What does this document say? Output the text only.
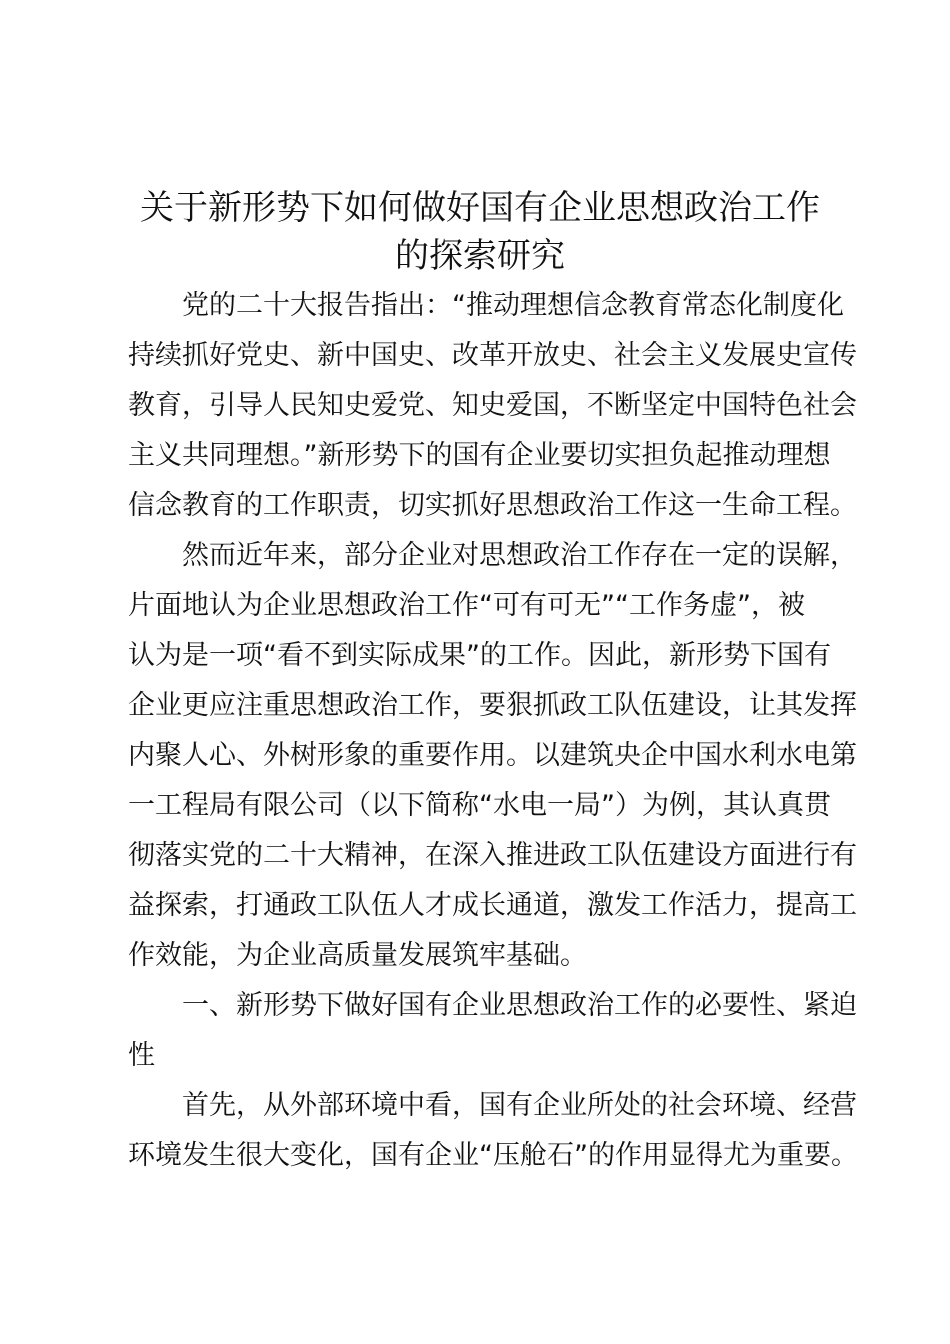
关于新形势下如何做好国有企业思想政治工作
的探索研究
党的二十大报告指出：“推动理想信念教育常态化制度化
持续抓好党史、新中国史、改革开放史、社会主义发展史宣传
教育，引导人民知史爱党、知史爱国，不断坚定中国特色社会
主义共同理想。”新形势下的国有企业要切实担负起推动理想
信念教育的工作职责，切实抓好思想政治工作这一生命工程。
然而近年来，部分企业对思想政治工作存在一定的误解，
片面地认为企业思想政治工作“可有可无”“工作务虚”，被
认为是一项“看不到实际成果”的工作。因此，新形势下国有
企业更应注重思想政治工作，要狠抓政工队伍建设，让其发挥
内聚人心、外树形象的重要作用。以建筑央企中国水利水电第
一工程局有限公司（以下简称“水电一局”）为例，其认真贯
彻落实党的二十大精神，在深入推进政工队伍建设方面进行有
益探索，打通政工队伍人才成长通道，激发工作活力，提高工
作效能，为企业高质量发展筑牢基础。
一、新形势下做好国有企业思想政治工作的必要性、紧迫
性
首先，从外部环境中看，国有企业所处的社会环境、经营
环境发生很大变化，国有企业“压舱石”的作用显得尤为重要。
